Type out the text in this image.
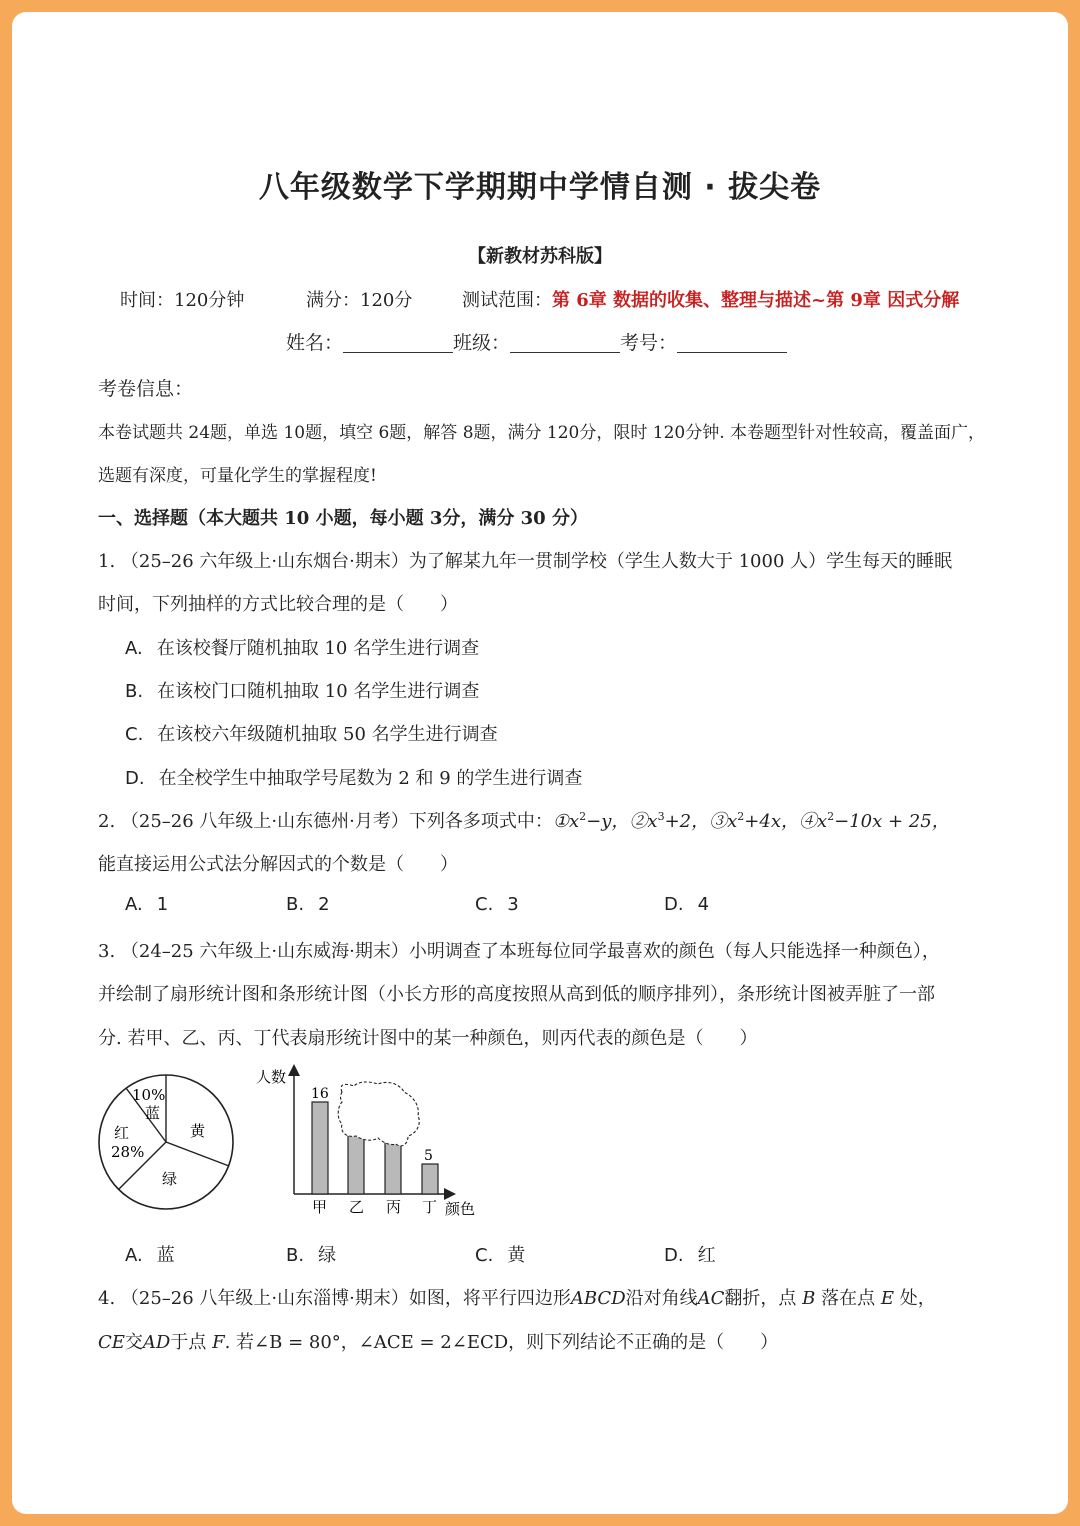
八年级数学下学期期中学情自测 · 拔尖卷
【新教材苏科版】
时间：120分钟	满分：120分	测试范围：第 6章 数据的收集、整理与描述~第 9章 因式分解
姓名：	班级：	考号：
考卷信息：
本卷试题共 24题，单选 10题，填空 6题，解答 8题，满分 120分，限时 120分钟. 本卷题型针对性较高，覆盖面广，
选题有深度，可量化学生的掌握程度!
一、选择题（本大题共 10 小题，每小题 3分，满分 30 分）
1. （25–26 六年级上·山东烟台·期末）为了解某九年一贯制学校（学生人数大于 1000 人）学生每天的睡眠
时间，下列抽样的方式比较合理的是（　　）
A. 在该校餐厅随机抽取 10 名学生进行调查
B. 在该校门口随机抽取 10 名学生进行调查
C. 在该校六年级随机抽取 50 名学生进行调查
D. 在全校学生中抽取学号尾数为 2 和 9 的学生进行调查
2. （25–26 八年级上·山东德州·月考）下列各多项式中：$①x^2-y$，$②x^3+2$，$③x^2+4x$，$④x^2-10x + 25$，
能直接运用公式法分解因式的个数是（　　）
A. 1	B. 2	C. 3	D. 4
3. （24–25 六年级上·山东威海·期末）小明调查了本班每位同学最喜欢的颜色（每人只能选择一种颜色），
并绘制了扇形统计图和条形统计图（小长方形的高度按照从高到低的顺序排列），条形统计图被弄脏了一部
分. 若甲、乙、丙、丁代表扇形统计图中的某一种颜色，则丙代表的颜色是（　　）
10%
蓝
红
28%
黄
绿
人数
颜色
16
5
甲 乙 丙 丁
A. 蓝	B. 绿	C. 黄	D. 红
4. （25–26 八年级上·山东淄博·期末）如图，将平行四边形ABCD沿对角线AC翻折，点 B 落在点 E 处，
CE交AD于点 F. 若∠B = 80°，∠ACE = 2∠ECD，则下列结论不正确的是（　　）
